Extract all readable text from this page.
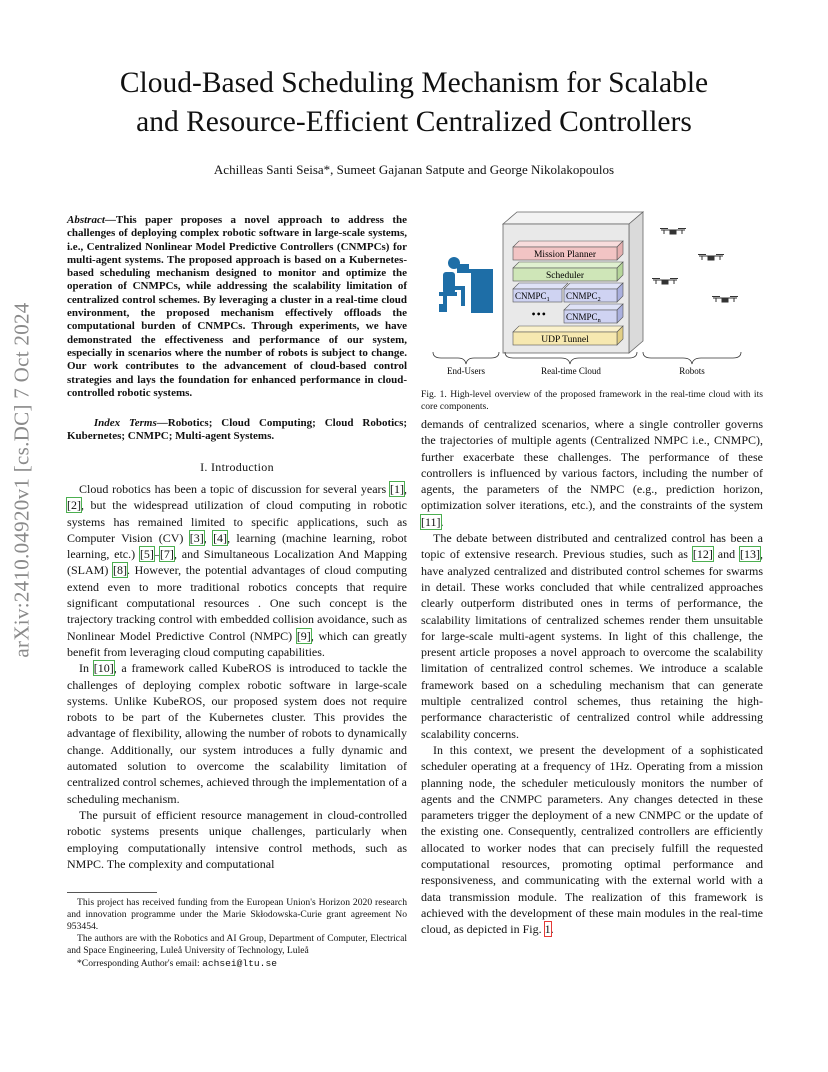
arXiv:2410.04920v1 [cs.DC] 7 Oct 2024
Cloud-Based Scheduling Mechanism for Scalable
and Resource-Efficient Centralized Controllers
Achilleas Santi Seisa*, Sumeet Gajanan Satpute and George Nikolakopoulos
Abstract—This paper proposes a novel approach to address the challenges of deploying complex robotic software in large-scale systems, i.e., Centralized Nonlinear Model Predictive Controllers (CNMPCs) for multi-agent systems. The proposed approach is based on a Kubernetes-based scheduling mechanism designed to monitor and optimize the operation of CNMPCs, while addressing the scalability limitation of centralized control schemes. By leveraging a cluster in a real-time cloud environment, the proposed mechanism effectively offloads the computational burden of CNMPCs. Through experiments, we have demonstrated the effectiveness and performance of our system, especially in scenarios where the number of robots is subject to change. Our work contributes to the advancement of cloud-based control strategies and lays the foundation for enhanced performance in cloud-controlled robotic systems.
Index Terms—Robotics; Cloud Computing; Cloud Robotics; Kubernetes; CNMPC; Multi-agent Systems.
I. Introduction

Cloud robotics has been a topic of discussion for several years [1], [2], but the widespread utilization of cloud computing in robotic systems has remained limited to specific applications, such as Computer Vision (CV) [3], [4], learning (machine learning, robot learning, etc.) [5]–[7], and Simultaneous Localization And Mapping (SLAM) [8]. However, the potential advantages of cloud computing extend even to more traditional robotics concepts that require significant computational resources . One such concept is the trajectory tracking control with embedded collision avoidance, such as Nonlinear Model Predictive Control (NMPC) [9], which can greatly benefit from leveraging cloud computing capabilities.

In [10], a framework called KubeROS is introduced to tackle the challenges of deploying complex robotic software in large-scale systems. Unlike KubeROS, our proposed system does not require robots to be part of the Kubernetes cluster. This provides the advantage of flexibility, allowing the number of robots to dynamically change. Additionally, our system introduces a fully dynamic and automated solution to overcome the scalability limitation of centralized control schemes, achieved through the implementation of a scheduling mechanism.

The pursuit of efficient resource management in cloud-controlled robotic systems presents unique challenges, particularly when employing computationally intensive control methods, such as NMPC. The complexity and computational

This project has received funding from the European Union's Horizon 2020 research and innovation programme under the Marie Skłodowska-Curie grant agreement No 953454.

The authors are with the Robotics and AI Group, Department of Computer, Electrical and Space Engineering, Luleå University of Technology, Luleå

*Corresponding Author's email: achsei@ltu.se

Mission Planner
Scheduler
$CNMPC_1$ $CNMPC_2$
••• $CNMPC_n$
UDP Tunnel
End-Users	Real-time Cloud	Robots
Fig. 1. High-level overview of the proposed framework in the real-time cloud with its core components.

demands of centralized scenarios, where a single controller governs the trajectories of multiple agents (Centralized NMPC i.e., CNMPC), further exacerbate these challenges. The performance of these controllers is influenced by various factors, including the number of agents, the parameters of the NMPC (e.g., prediction horizon, optimization solver iterations, etc.), and the constraints of the system [11].

The debate between distributed and centralized control has been a topic of extensive research. Previous studies, such as [12] and [13], have analyzed centralized and distributed control schemes for swarms in detail. These works concluded that while centralized approaches clearly outperform distributed ones in terms of performance, the scalability limitations of centralized schemes render them unsuitable for large-scale multi-agent systems. In light of this challenge, the present article proposes a novel approach to overcome the scalability limitation of centralized control schemes. We introduce a scalable framework based on a scheduling mechanism that can generate multiple centralized control schemes, thus retaining the high-performance characteristic of centralized control while addressing scalability concerns.

In this context, we present the development of a sophisticated scheduler operating at a frequency of 1Hz. Operating from a mission planning node, the scheduler meticulously monitors the number of agents and the CNMPC parameters. Any changes detected in these parameters trigger the deployment of a new CNMPC or the update of the existing one. Consequently, centralized controllers are efficiently allocated to worker nodes that can precisely fulfill the requested computational resources, promoting optimal performance and responsiveness, and communicating with the external world with a data transmission module. The realization of this framework is achieved with the development of these main modules in the real-time cloud, as depicted in Fig. 1.
